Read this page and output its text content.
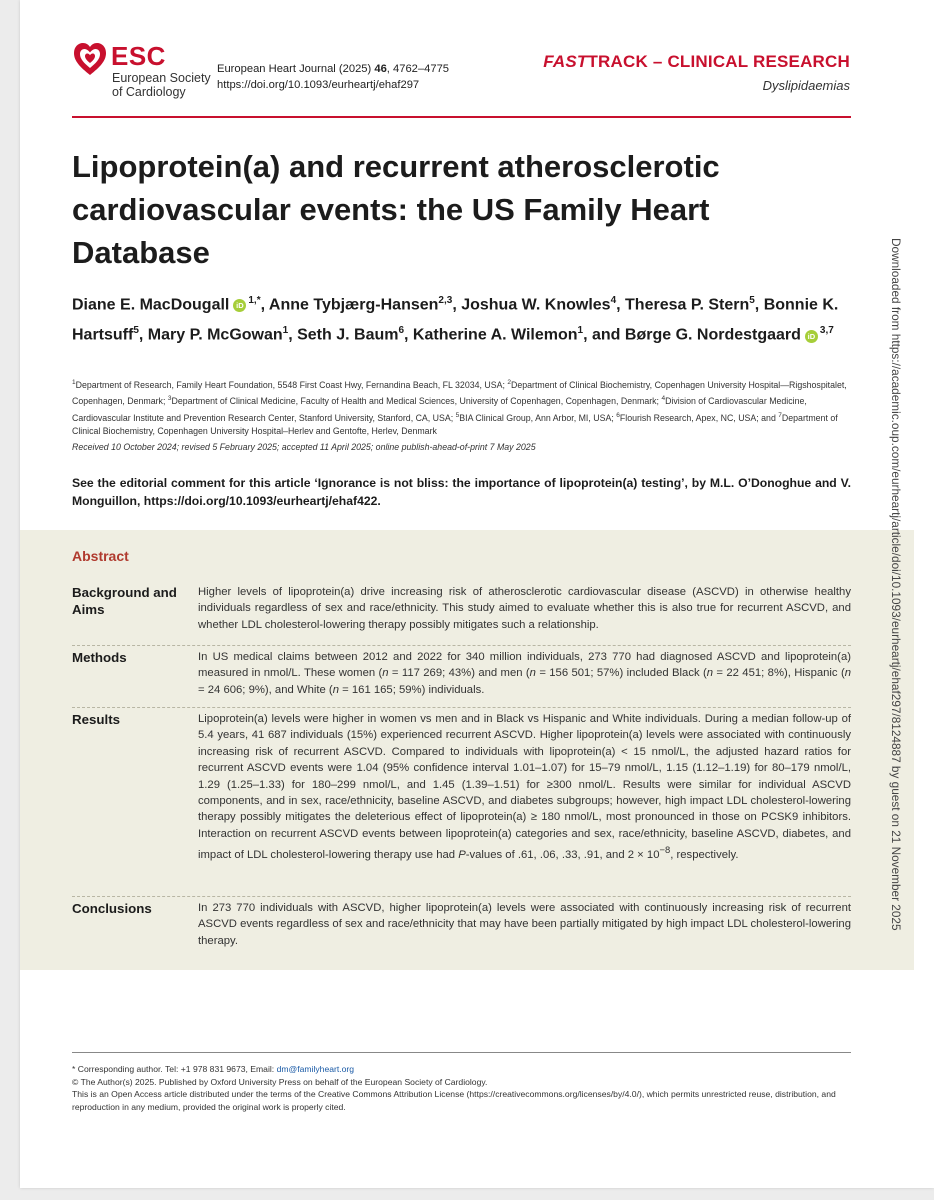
ESC
European Society
of Cardiology
European Heart Journal (2025) 46, 4762–4775
https://doi.org/10.1093/eurheartj/ehaf297
FASTTRACK – CLINICAL RESEARCH
Dyslipidaemias
Lipoprotein(a) and recurrent atherosclerotic cardiovascular events: the US Family Heart Database
Diane E. MacDougall iD $^{1,*}$, Anne Tybjærg-Hansen$^{2,3}$, Joshua W. Knowles$^4$, Theresa P. Stern$^5$, Bonnie K. Hartsuff$^5$, Mary P. McGowan$^1$, Seth J. Baum$^6$, Katherine A. Wilemon$^1$, and Børge G. Nordestgaard iD $^{3,7}$
$^1$Department of Research, Family Heart Foundation, 5548 First Coast Hwy, Fernandina Beach, FL 32034, USA; $^2$Department of Clinical Biochemistry, Copenhagen University Hospital—Rigshospitalet, Copenhagen, Denmark; $^3$Department of Clinical Medicine, Faculty of Health and Medical Sciences, University of Copenhagen, Copenhagen, Denmark; $^4$Division of Cardiovascular Medicine, Cardiovascular Institute and Prevention Research Center, Stanford University, Stanford, CA, USA; $^5$BIA Clinical Group, Ann Arbor, MI, USA; $^6$Flourish Research, Apex, NC, USA; and $^7$Department of Clinical Biochemistry, Copenhagen University Hospital–Herlev and Gentofte, Herlev, Denmark
Received 10 October 2024; revised 5 February 2025; accepted 11 April 2025; online publish-ahead-of-print 7 May 2025
See the editorial comment for this article ‘Ignorance is not bliss: the importance of lipoprotein(a) testing’, by M.L. O’Donoghue and V. Monguillon, https://doi.org/10.1093/eurheartj/ehaf422.
Abstract
Background and Aims
Higher levels of lipoprotein(a) drive increasing risk of atherosclerotic cardiovascular disease (ASCVD) in otherwise healthy individuals regardless of sex and race/ethnicity. This study aimed to evaluate whether this is also true for recurrent ASCVD, and whether LDL cholesterol-lowering therapy possibly mitigates such a relationship.
Methods	In US medical claims between 2012 and 2022 for 340 million individuals, 273 770 had diagnosed ASCVD and lipoprotein(a) measured in nmol/L. These women (n = 117 269; 43%) and men (n = 156 501; 57%) included Black (n = 22 451; 8%), Hispanic (n = 24 606; 9%), and White (n = 161 165; 59%) individuals.
Results	Lipoprotein(a) levels were higher in women vs men and in Black vs Hispanic and White individuals. During a median follow-up of 5.4 years, 41 687 individuals (15%) experienced recurrent ASCVD. Higher lipoprotein(a) levels were associated with continuously increasing risk of recurrent ASCVD. Compared to individuals with lipoprotein(a) < 15 nmol/L, the adjusted hazard ratios for recurrent ASCVD events were 1.04 (95% confidence interval 1.01–1.07) for 15–79 nmol/L, 1.15 (1.12–1.19) for 80–179 nmol/L, 1.29 (1.25–1.33) for 180–299 nmol/L, and 1.45 (1.39–1.51) for ≥300 nmol/L. Results were similar for individual ASCVD components, and in sex, race/ethnicity, baseline ASCVD, and diabetes subgroups; however, high impact LDL cholesterol-lowering therapy possibly mitigates the deleterious effect of lipoprotein(a) ≥ 180 nmol/L, most pronounced in those on PCSK9 inhibitors. Interaction on recurrent ASCVD events between lipoprotein(a) categories and sex, race/ethnicity, baseline ASCVD, diabetes, and impact of LDL cholesterol-lowering therapy use had P-values of .61, .06, .33, .91, and $2 \times 10^{-8}$, respectively.
Conclusions	In 273 770 individuals with ASCVD, higher lipoprotein(a) levels were associated with continuously increasing risk of recurrent ASCVD events regardless of sex and race/ethnicity that may have been partially mitigated by high impact LDL cholesterol-lowering therapy.
* Corresponding author. Tel: +1 978 831 9673, Email: dm@familyheart.org
© The Author(s) 2025. Published by Oxford University Press on behalf of the European Society of Cardiology.
This is an Open Access article distributed under the terms of the Creative Commons Attribution License (https://creativecommons.org/licenses/by/4.0/), which permits unrestricted reuse, distribution, and reproduction in any medium, provided the original work is properly cited.
Downloaded from https://academic.oup.com/eurheartj/article/doi/10.1093/eurheartj/ehaf297/8124887 by guest on 21 November 2025
